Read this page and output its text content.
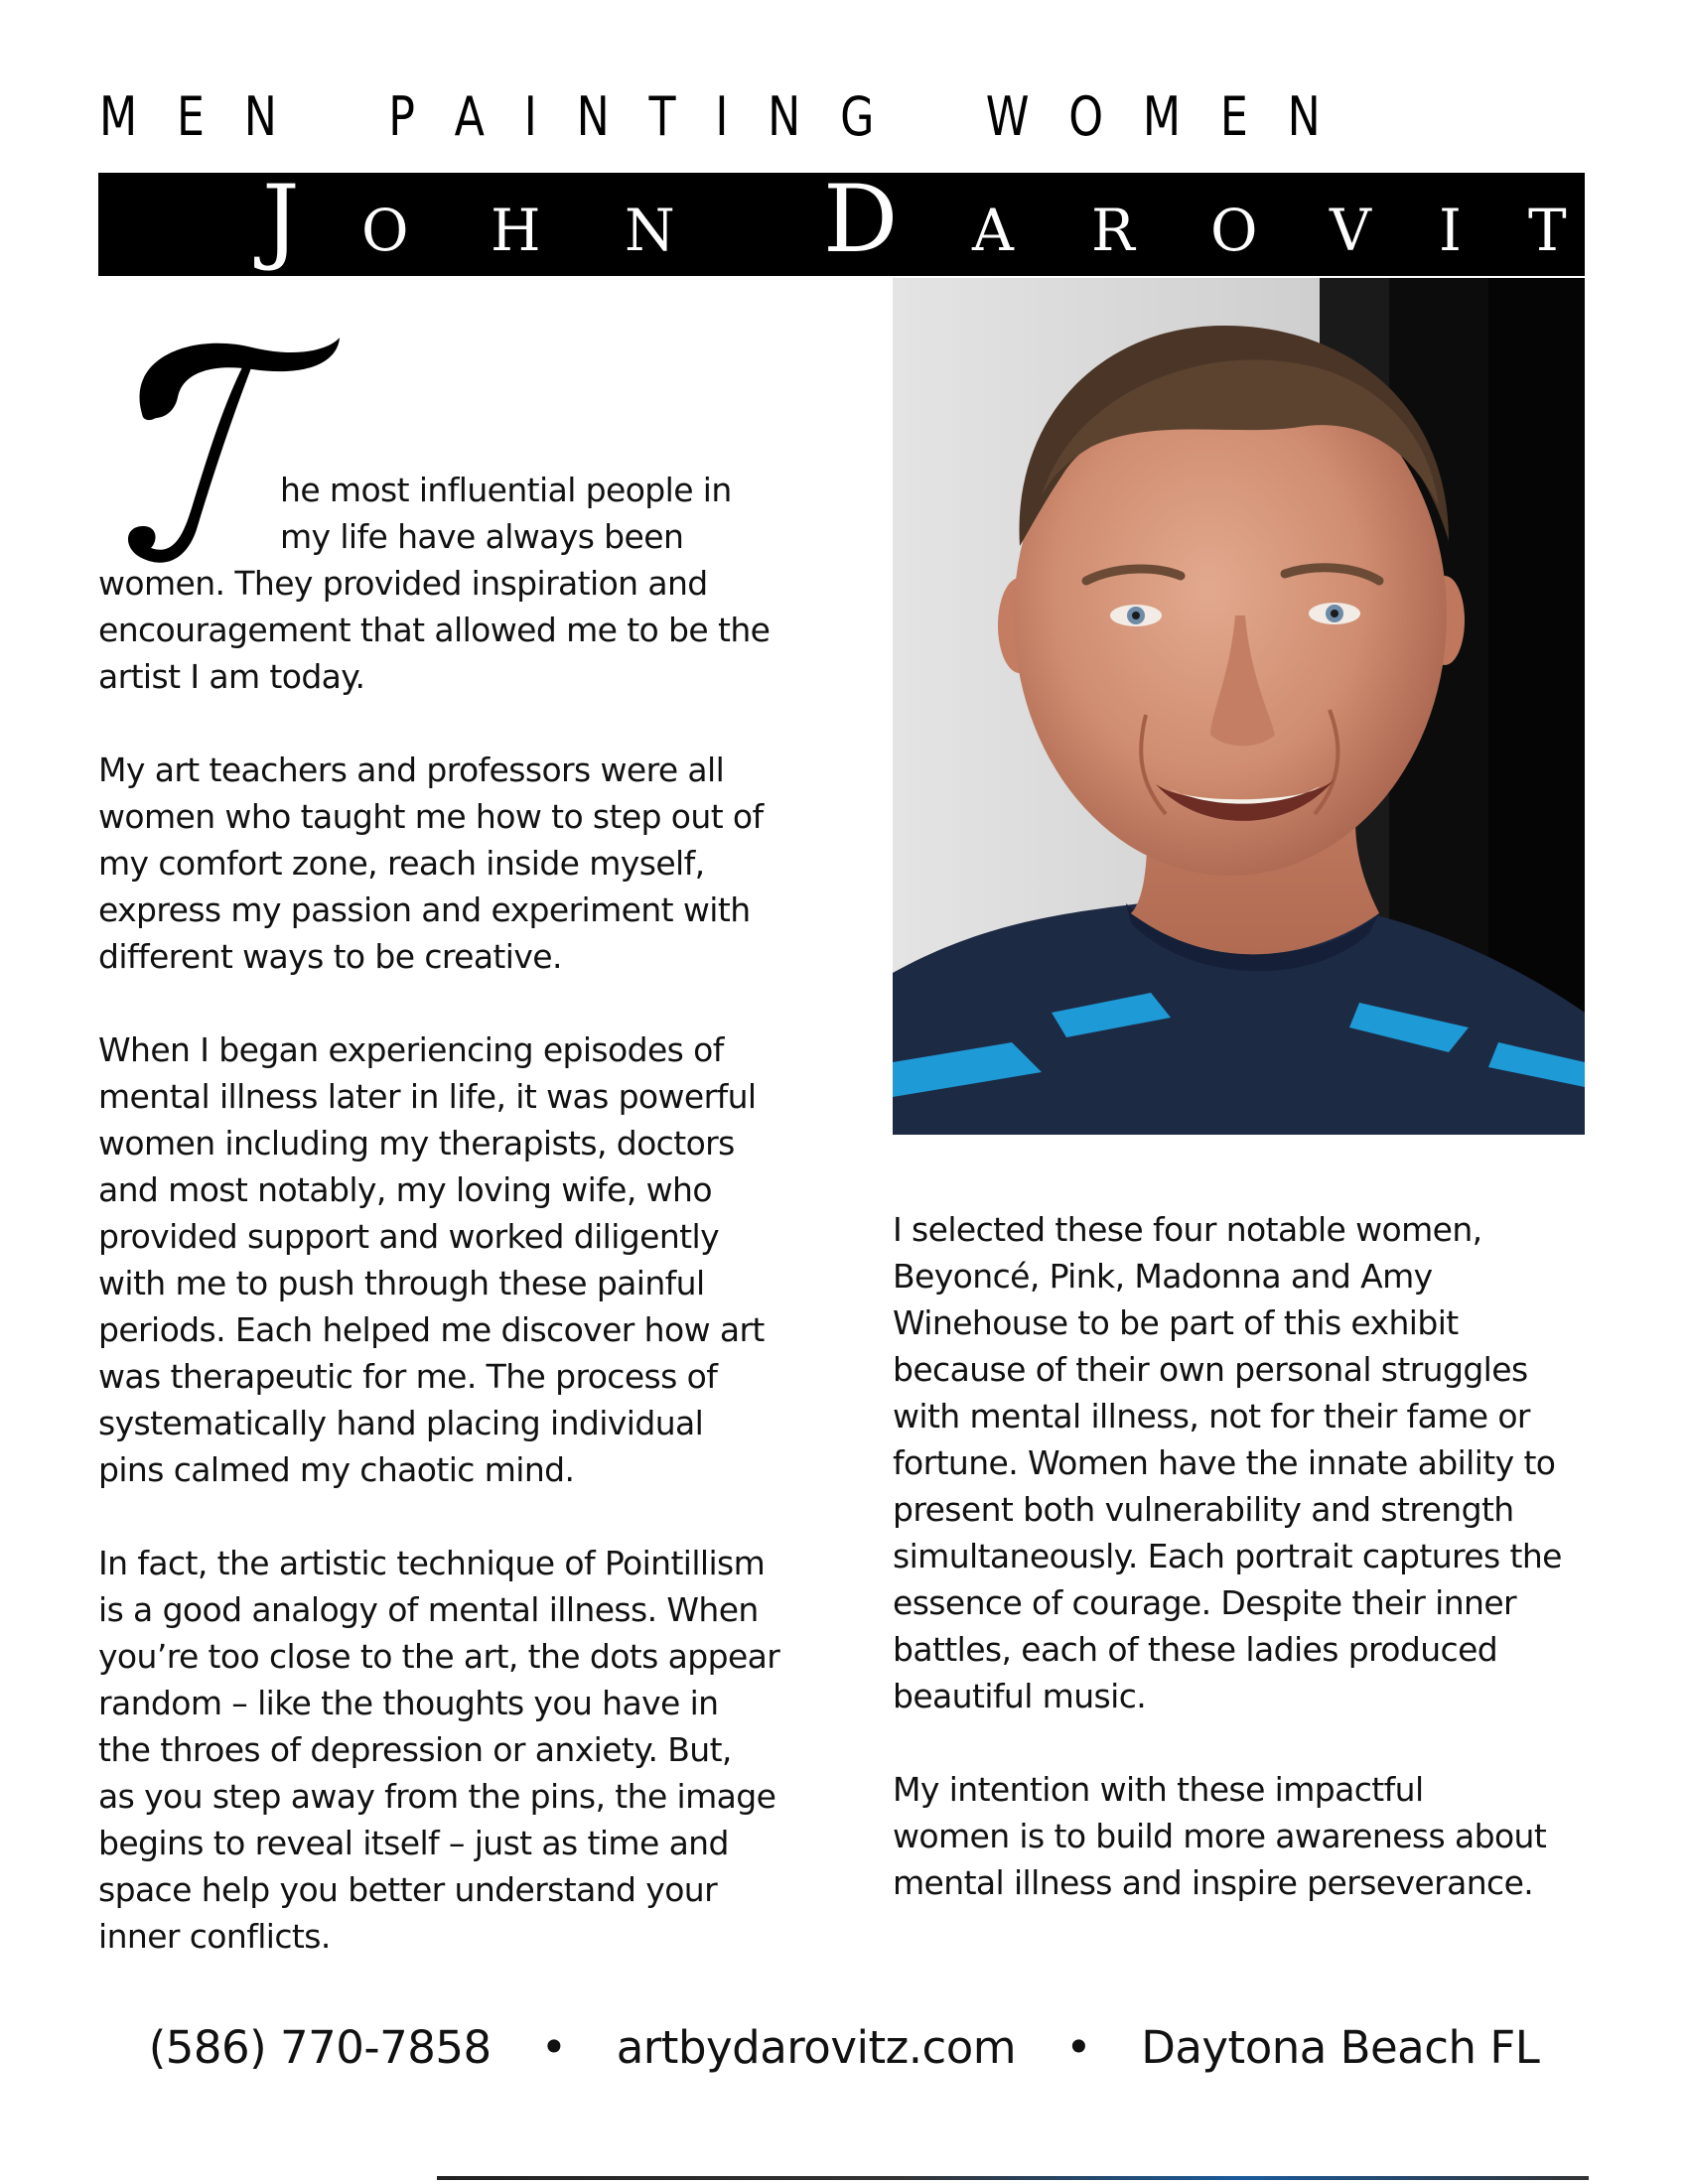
M E N P A I N T I N G W O M E N
J O H N D A R O V I T Z
he most influential people in
my life have always been
women. They provided inspiration and
encouragement that allowed me to be the
artist I am today.
My art teachers and professors were all
women who taught me how to step out of
my comfort zone, reach inside myself,
express my passion and experiment with
different ways to be creative.
When I began experiencing episodes of
mental illness later in life, it was powerful
women including my therapists, doctors
and most notably, my loving wife, who
provided support and worked diligently
with me to push through these painful
periods. Each helped me discover how art
was therapeutic for me. The process of
systematically hand placing individual
pins calmed my chaotic mind.
In fact, the artistic technique of Pointillism
is a good analogy of mental illness. When
you’re too close to the art, the dots appear
random – like the thoughts you have in
the throes of depression or anxiety. But,
as you step away from the pins, the image
begins to reveal itself – just as time and
space help you better understand your
inner conflicts.
I selected these four notable women,
Beyoncé, Pink, Madonna and Amy
Winehouse to be part of this exhibit
because of their own personal struggles
with mental illness, not for their fame or
fortune. Women have the innate ability to
present both vulnerability and strength
simultaneously. Each portrait captures the
essence of courage. Despite their inner
battles, each of these ladies produced
beautiful music.
My intention with these impactful
women is to build more awareness about
mental illness and inspire perseverance.
(586) 770-7858 • artbydarovitz.com • Daytona Beach FL
